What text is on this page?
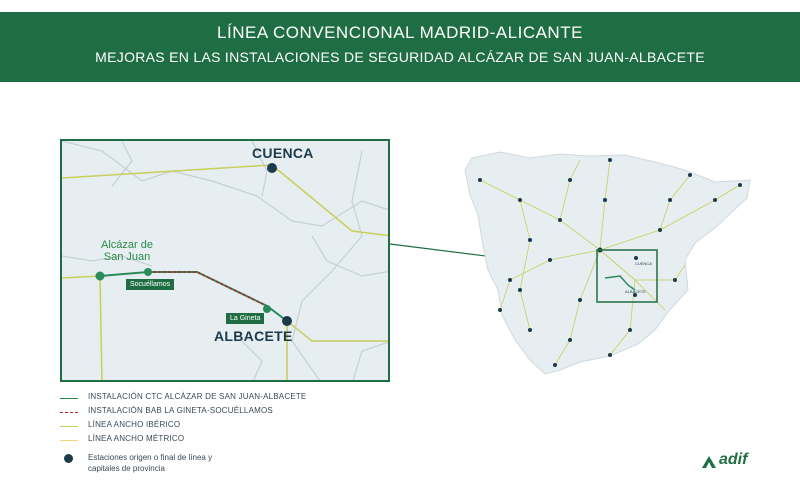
LÍNEA CONVENCIONAL MADRID-ALICANTE
MEJORAS EN LAS INSTALACIONES DE SEGURIDAD ALCÁZAR DE SAN JUAN-ALBACETE
CUENCA
Alcázar de San Juan
Socuéllamos
La Gineta
ALBACETE
CUENCA
ALBACETE
INSTALACIÓN CTC ALCÁZAR DE SAN JUAN-ALBACETE
INSTALACIÓN BAB LA GINETA-SOCUÉLLAMOS
LÍNEA ANCHO IBÉRICO
LÍNEA ANCHO MÉTRICO
Estaciones origen o final de línea y capitales de provincia
adif
